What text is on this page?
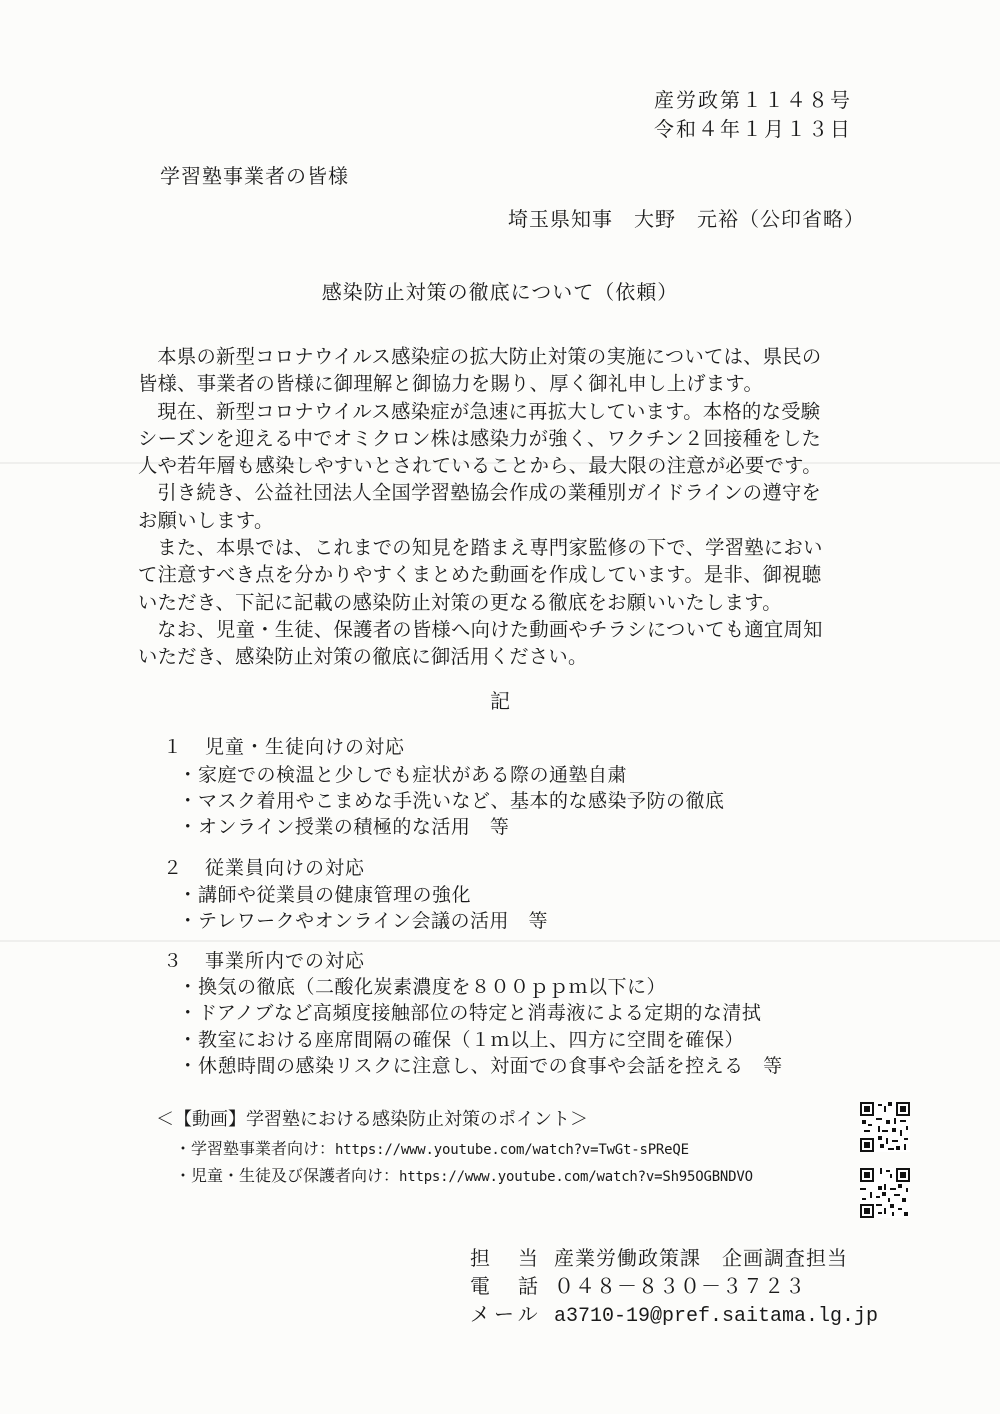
産労政第１１４８号
令和４年１月１３日
学習塾事業者の皆様
埼玉県知事　大野　元裕（公印省略）
感染防止対策の徹底について（依頼）

本県の新型コロナウイルス感染症の拡大防止対策の実施については、県民の皆様、事業者の皆様に御理解と御協力を賜り、厚く御礼申し上げます。

現在、新型コロナウイルス感染症が急速に再拡大しています。本格的な受験シーズンを迎える中でオミクロン株は感染力が強く、ワクチン２回接種をした人や若年層も感染しやすいとされていることから、最大限の注意が必要です。

引き続き、公益社団法人全国学習塾協会作成の業種別ガイドラインの遵守をお願いします。

また、本県では、これまでの知見を踏まえ専門家監修の下で、学習塾において注意すべき点を分かりやすくまとめた動画を作成しています。是非、御視聴いただき、下記に記載の感染防止対策の更なる徹底をお願いいたします。

なお、児童・生徒、保護者の皆様へ向けた動画やチラシについても適宜周知いただき、感染防止対策の徹底に御活用ください。

記
１ 児童・生徒向けの対応
・家庭での検温と少しでも症状がある際の通塾自粛
・マスク着用やこまめな手洗いなど、基本的な感染予防の徹底
・オンライン授業の積極的な活用　等
２ 従業員向けの対応
・講師や従業員の健康管理の強化
・テレワークやオンライン会議の活用　等
３ 事業所内での対応
・換気の徹底（二酸化炭素濃度を８００ｐｐｍ以下に）
・ドアノブなど高頻度接触部位の特定と消毒液による定期的な清拭
・教室における座席間隔の確保（１ｍ以上、四方に空間を確保）
・休憩時間の感染リスクに注意し、対面での食事や会話を控える　等
＜【動画】学習塾における感染防止対策のポイント＞
・学習塾事業者向け：https://www.youtube.com/watch?v=TwGt-sPReQE
・児童・生徒及び保護者向け：https://www.youtube.com/watch?v=Sh95OGBNDVO
担　当 産業労働政策課　企画調査担当
電　話 ０４８－８３０－３７２３
メール a3710-19@pref.saitama.lg.jp
